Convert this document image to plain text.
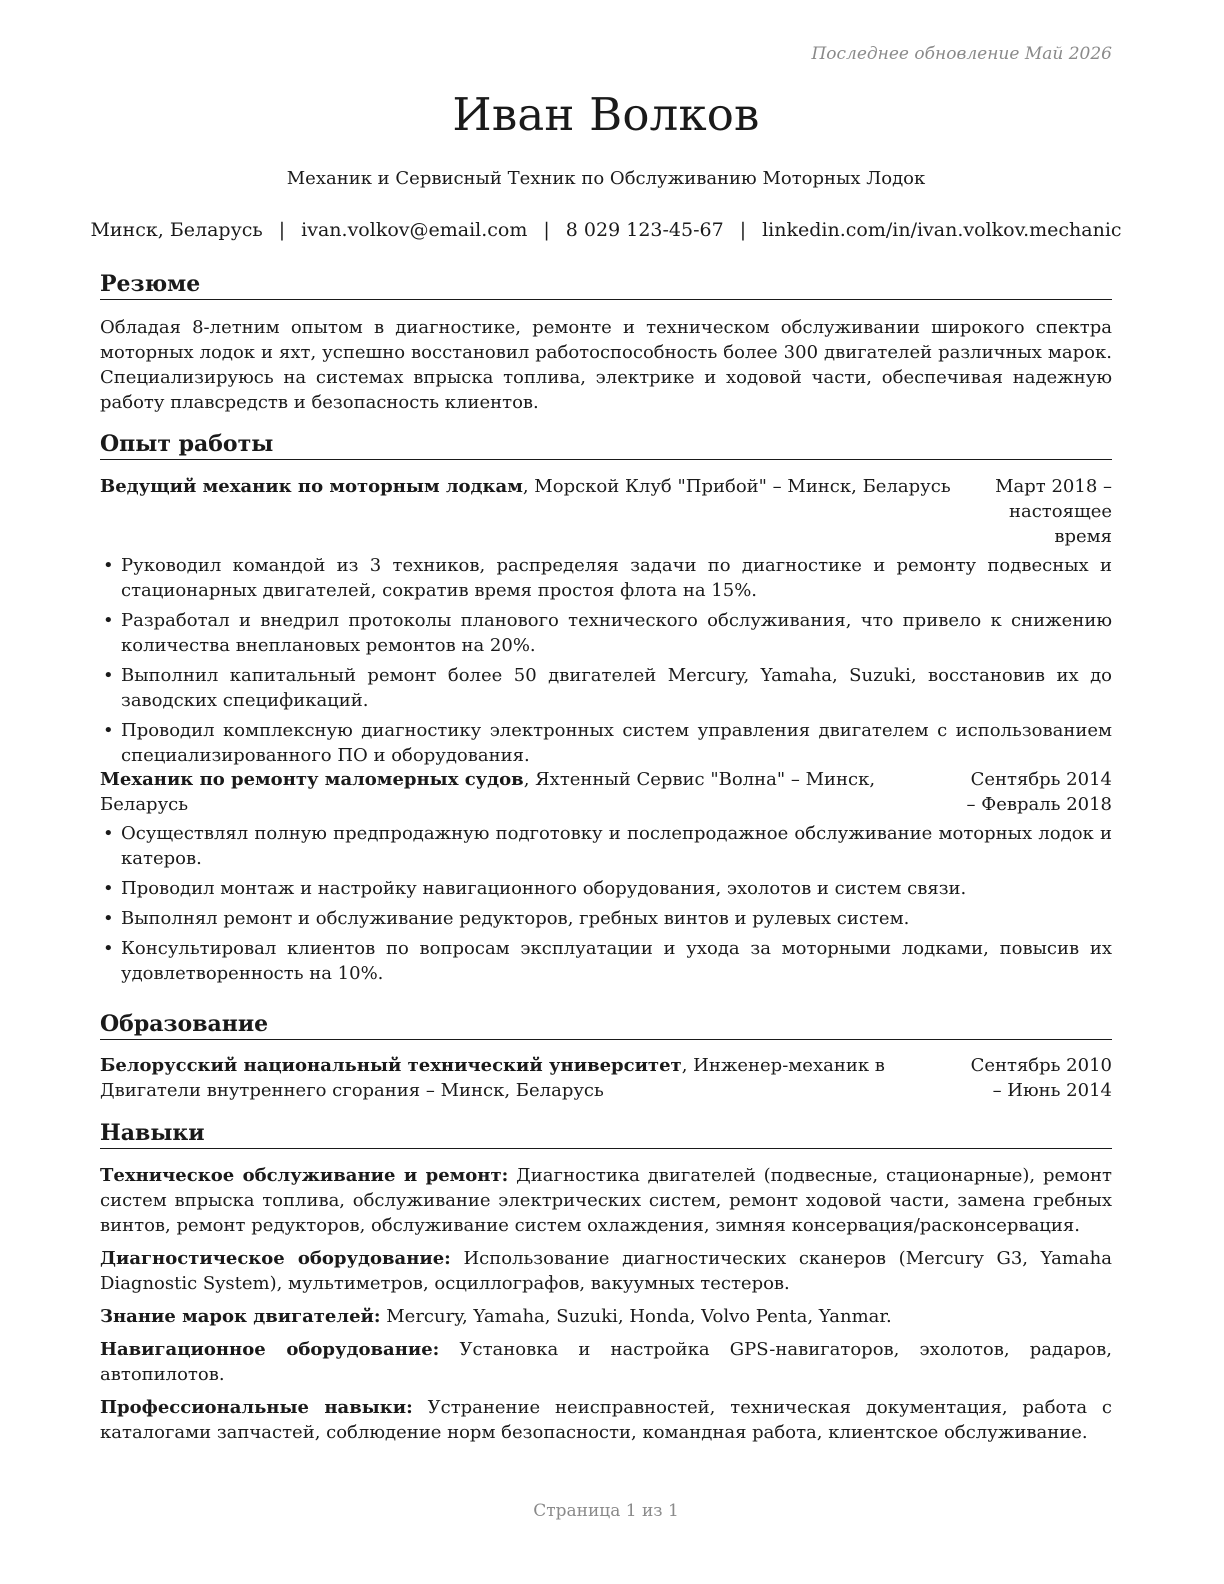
Последнее обновление Май 2026
Иван Волков
Механик и Сервисный Техник по Обслуживанию Моторных Лодок
Минск, Беларусь | ivan.volkov@email.com | 8 029 123-45-67 | linkedin.com/in/ivan.volkov.mechanic
Резюме
Обладая 8-летним опытом в диагностике, ремонте и техническом обслуживании широкого спектра моторных лодок и яхт, успешно восстановил работоспособность более 300 двигателей различных марок. Специализируюсь на системах впрыска топлива, электрике и ходовой части, обеспечивая надежную работу плавсредств и безопасность клиентов.
Опыт работы
Ведущий механик по моторным лодкам, Морской Клуб "Прибой" – Минск, Беларусь	Март 2018 – настоящее время
• Руководил командой из 3 техников, распределяя задачи по диагностике и ремонту подвесных и стационарных двигателей, сократив время простоя флота на 15%.
• Разработал и внедрил протоколы планового технического обслуживания, что привело к снижению количества внеплановых ремонтов на 20%.
• Выполнил капитальный ремонт более 50 двигателей Mercury, Yamaha, Suzuki, восстановив их до заводских спецификаций.
• Проводил комплексную диагностику электронных систем управления двигателем с использованием специализированного ПО и оборудования.
Механик по ремонту маломерных судов, Яхтенный Сервис "Волна" – Минск, Беларусь
Сентябрь 2014 – Февраль 2018
• Осуществлял полную предпродажную подготовку и послепродажное обслуживание моторных лодок и катеров.
• Проводил монтаж и настройку навигационного оборудования, эхолотов и систем связи.
• Выполнял ремонт и обслуживание редукторов, гребных винтов и рулевых систем.
• Консультировал клиентов по вопросам эксплуатации и ухода за моторными лодками, повысив их удовлетворенность на 10%.
Образование
Белорусский национальный технический университет, Инженер-механик в Двигатели внутреннего сгорания – Минск, Беларусь
Сентябрь 2010 – Июнь 2014
Навыки
Техническое обслуживание и ремонт: Диагностика двигателей (подвесные, стационарные), ремонт систем впрыска топлива, обслуживание электрических систем, ремонт ходовой части, замена гребных винтов, ремонт редукторов, обслуживание систем охлаждения, зимняя консервация/расконсервация.
Диагностическое оборудование: Использование диагностических сканеров (Mercury G3, Yamaha Diagnostic System), мультиметров, осциллографов, вакуумных тестеров.
Знание марок двигателей: Mercury, Yamaha, Suzuki, Honda, Volvo Penta, Yanmar.
Навигационное оборудование: Установка и настройка GPS-навигаторов, эхолотов, радаров, автопилотов.
Профессиональные навыки: Устранение неисправностей, техническая документация, работа с каталогами запчастей, соблюдение норм безопасности, командная работа, клиентское обслуживание.
Страница 1 из 1
